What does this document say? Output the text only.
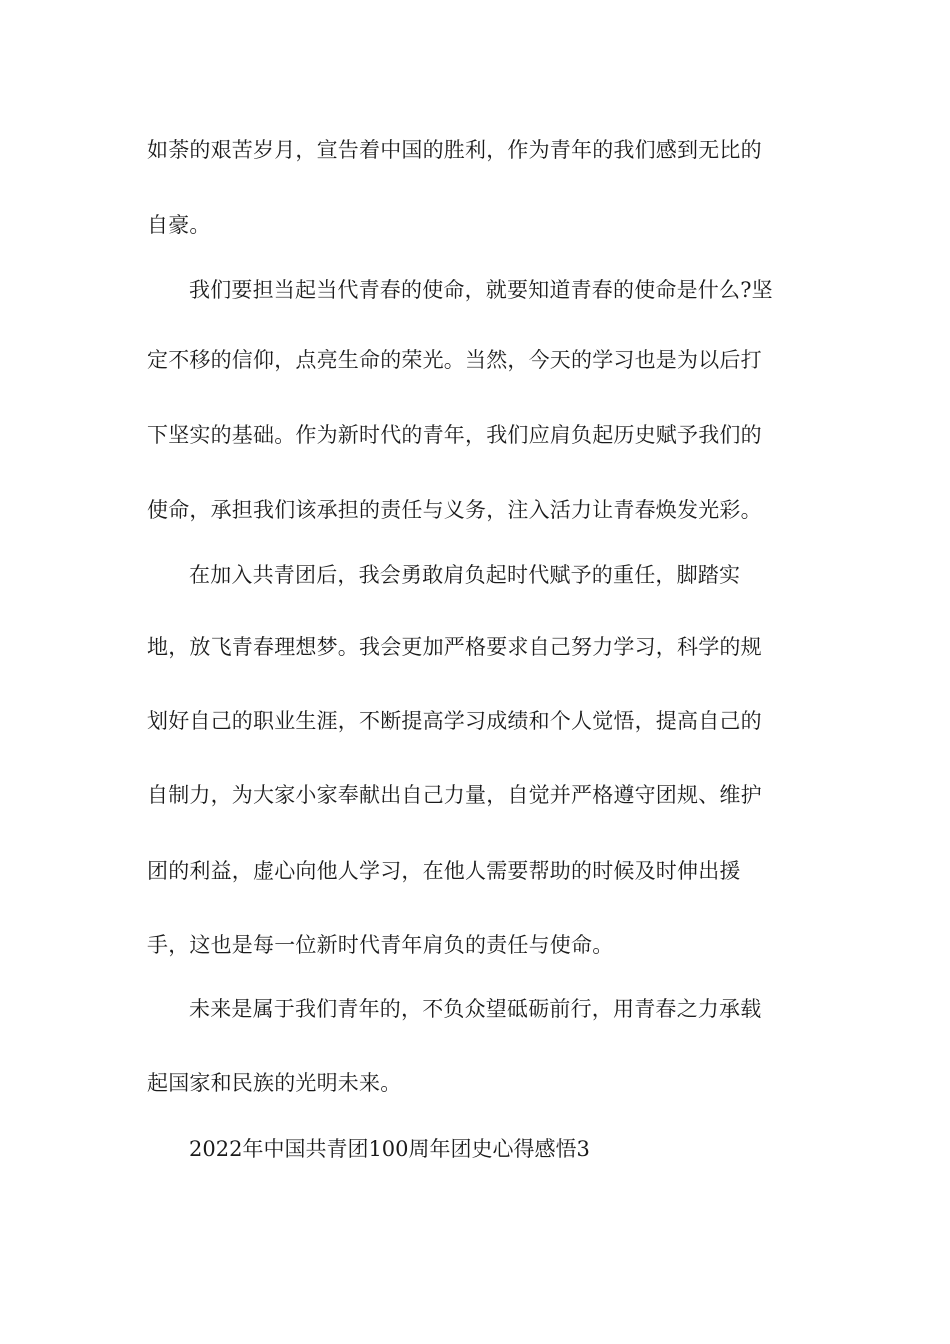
如荼的艰苦岁月，宣告着中国的胜利，作为青年的我们感到无比的
自豪。
我们要担当起当代青春的使命，就要知道青春的使命是什么?坚
定不移的信仰，点亮生命的荣光。当然，今天的学习也是为以后打
下坚实的基础。作为新时代的青年，我们应肩负起历史赋予我们的
使命，承担我们该承担的责任与义务，注入活力让青春焕发光彩。
在加入共青团后，我会勇敢肩负起时代赋予的重任，脚踏实
地，放飞青春理想梦。我会更加严格要求自己努力学习，科学的规
划好自己的职业生涯，不断提高学习成绩和个人觉悟，提高自己的
自制力，为大家小家奉献出自己力量，自觉并严格遵守团规、维护
团的利益，虚心向他人学习，在他人需要帮助的时候及时伸出援
手，这也是每一位新时代青年肩负的责任与使命。
未来是属于我们青年的，不负众望砥砺前行，用青春之力承载
起国家和民族的光明未来。
2022年中国共青团100周年团史心得感悟3
